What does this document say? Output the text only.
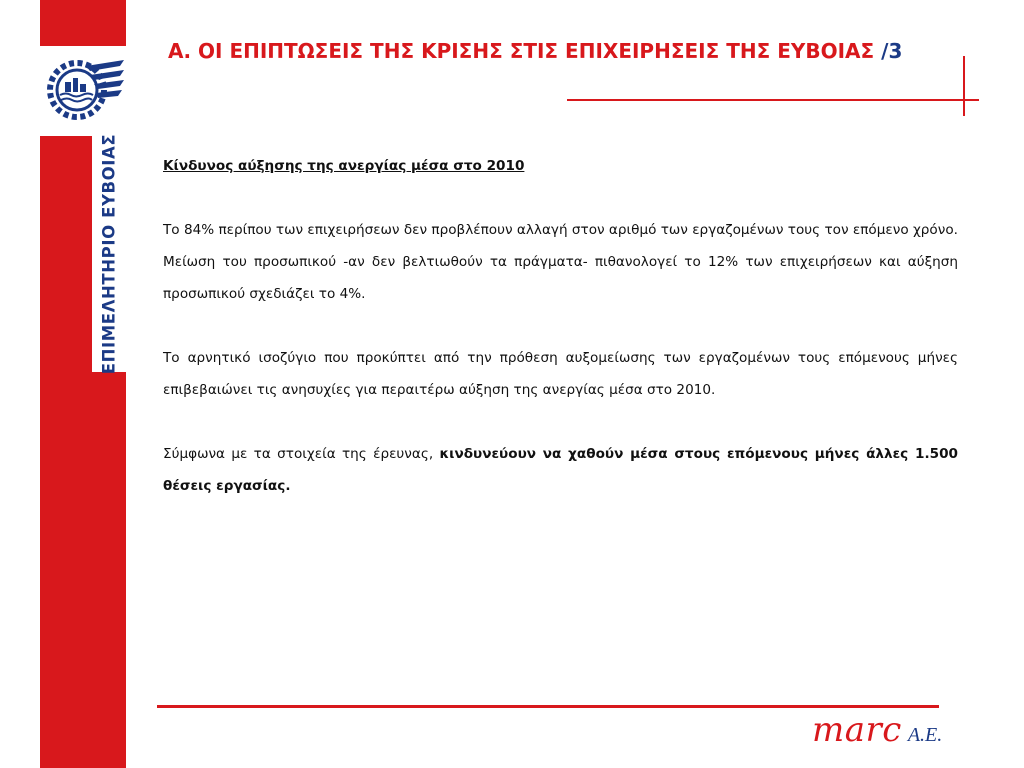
ΕΠΙΜΕΛΗΤΗΡΙΟ ΕΥΒΟΙΑΣ
Α. ΟΙ ΕΠΙΠΤΩΣΕΙΣ ΤΗΣ ΚΡΙΣΗΣ ΣΤΙΣ ΕΠΙΧΕΙΡΗΣΕΙΣ ΤΗΣ ΕΥΒΟΙΑΣ /3
Κίνδυνος αύξησης της ανεργίας μέσα στο 2010

Το 84% περίπου των επιχειρήσεων δεν προβλέπουν αλλαγή στον αριθμό των εργαζομένων τους τον επόμενο χρόνο. Μείωση του προσωπικού -αν δεν βελτιωθούν τα πράγματα- πιθανολογεί το 12% των επιχειρήσεων και αύξηση προσωπικού σχεδιάζει το 4%.

Το αρνητικό ισοζύγιο που προκύπτει από την πρόθεση αυξομείωσης των εργαζομένων τους επόμενους μήνες επιβεβαιώνει τις ανησυχίες για περαιτέρω αύξηση της ανεργίας μέσα στο 2010.

Σύμφωνα με τα στοιχεία της έρευνας, κινδυνεύουν να χαθούν μέσα στους επόμενους μήνες άλλες 1.500 θέσεις εργασίας.

marc Α.Ε.
